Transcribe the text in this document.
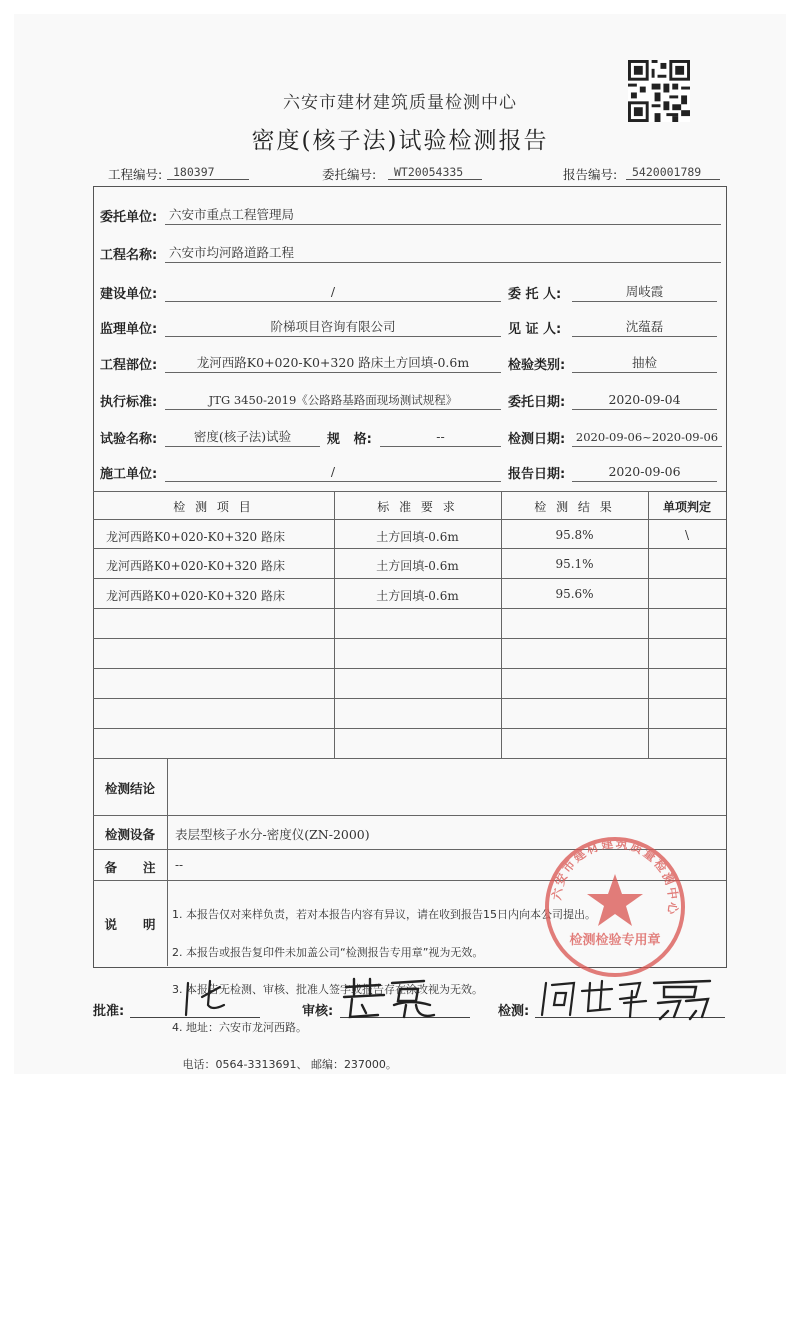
六安市建材建筑质量检测中心
密度(核子法)试验检测报告
工程编号: 180397	委托编号:	WT20054335	报告编号:	5420001789
委托单位: 六安市重点工程管理局
工程名称: 六安市均河路道路工程
建设单位:	/	委 托 人:	周岐霞
监理单位:	阶梯项目咨询有限公司	见 证 人:	沈蕴磊
工程部位:	龙河西路K0+020-K0+320 路床土方回填-0.6m	检验类别:	抽检
执行标准:	JTG 3450-2019《公路路基路面现场测试规程》	委托日期:	2020-09-04
试验名称:	密度(核子法)试验	规   格:	--	检测日期: 2020-09-06~2020-09-06
施工单位:	/	报告日期:	2020-09-06
检 测 项 目	标 准 要 求	检 测 结 果	单项判定
龙河西路K0+020-K0+320 路床	土方回填-0.6m	95.8%	\
龙河西路K0+020-K0+320 路床	土方回填-0.6m	95.1%
龙河西路K0+020-K0+320 路床	土方回填-0.6m	95.6%
检测结论
检测设备	表层型核子水分-密度仪(ZN-2000)
备      注	--
说      明

1. 本报告仅对来样负责，若对本报告内容有异议，请在收到报告15日内向本公司提出。

2. 本报告或报告复印件未加盖公司“检测报告专用章”视为无效。

3. 本报告无检测、审核、批准人签字或报告存在涂改视为无效。

4. 地址：六安市龙河西路。

电话：0564-3313691、 邮编：237000。

六安市建材建筑质量检测中心
检测检验专用章
批准:	审核:	检测:
